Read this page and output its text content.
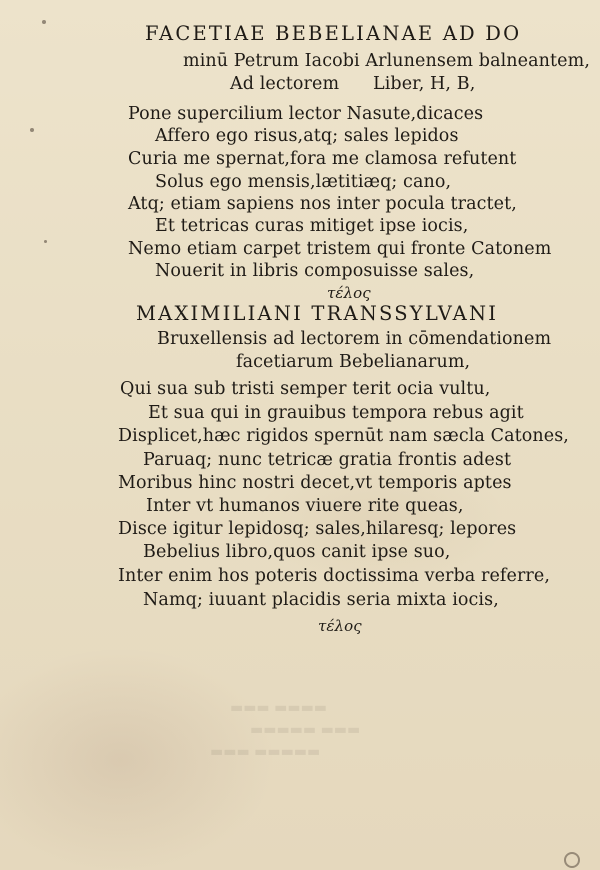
▬▬▬▬ ▬▬▬
▬▬▬ ▬▬▬▬▬
▬▬▬▬▬ ▬▬▬
FACETIAE BEBELIANAE AD DO
minū Petrum Iacobi Arlunensem balneantem,
Ad lectorem Liber, H, B,
Pone supercilium lector Nasute,dicaces
Affero ego risus,atq; sales lepidos
Curia me spernat,fora me clamosa refutent
Solus ego mensis,lætitiæq; cano,
Atq; etiam sapiens nos inter pocula tractet,
Et tetricas curas mitiget ipse iocis,
Nemo etiam carpet tristem qui fronte Catonem
Nouerit in libris composuisse sales,
τέλος
MAXIMILIANI TRANSSYLVANI
Bruxellensis ad lectorem in cōmendationem
facetiarum Bebelianarum,
Qui sua sub tristi semper terit ocia vultu,
Et sua qui in grauibus tempora rebus agit
Displicet,hæc rigidos spernūt nam sæcla Catones,
Paruaq; nunc tetricæ gratia frontis adest
Moribus hinc nostri decet,vt temporis aptes
Inter vt humanos viuere rite queas,
Disce igitur lepidosq; sales,hilaresq; lepores
Bebelius libro,quos canit ipse suo,
Inter enim hos poteris doctissima verba referre,
Namq; iuuant placidis seria mixta iocis,
τέλος
